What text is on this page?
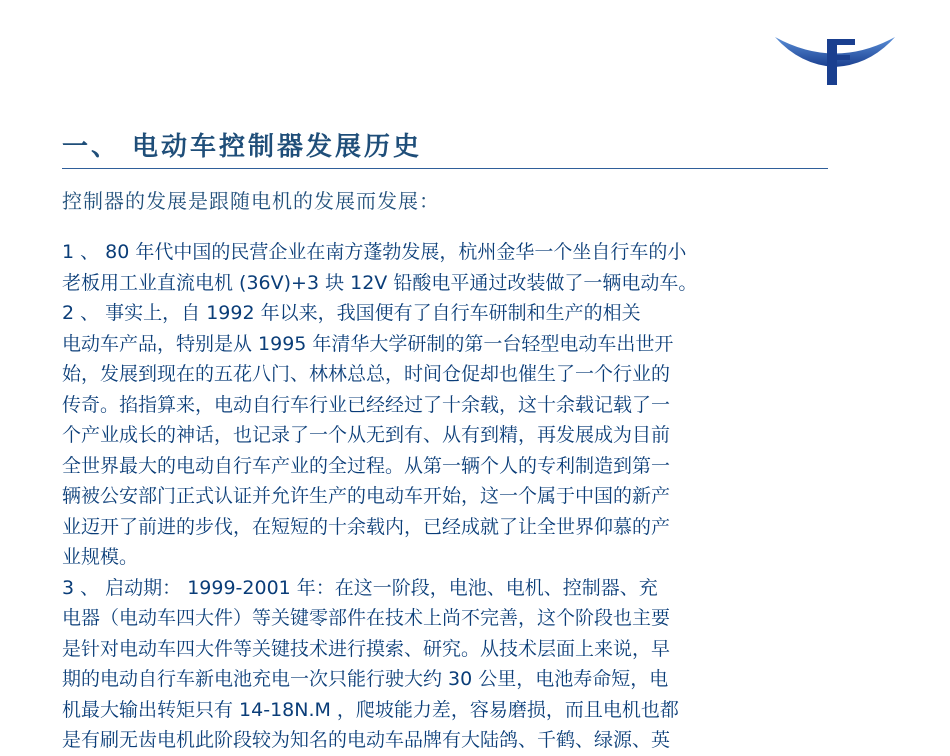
一、 电动车控制器发展历史

控制器的发展是跟随电机的发展而发展：

1 、 80 年代中国的民营企业在南方蓬勃发展，杭州金华一个坐自行车的小
老板用工业直流电机 (36V)+3 块 12V 铅酸电平通过改装做了一辆电动车。
2 、 事实上，自 1992 年以来，我国便有了自行车研制和生产的相关
电动车产品，特别是从 1995 年清华大学研制的第一台轻型电动车出世开
始，发展到现在的五花八门、林林总总，时间仓促却也催生了一个行业的
传奇。掐指算来，电动自行车行业已经经过了十余载，这十余载记载了一
个产业成长的神话，也记录了一个从无到有、从有到精，再发展成为目前
全世界最大的电动自行车产业的全过程。从第一辆个人的专利制造到第一
辆被公安部门正式认证并允许生产的电动车开始，这一个属于中国的新产
业迈开了前进的步伐，在短短的十余载内，已经成就了让全世界仰慕的产
业规模。
3 、 启动期： 1999-2001 年：在这一阶段，电池、电机、控制器、充
电器（电动车四大件）等关键零部件在技术上尚不完善，这个阶段也主要
是针对电动车四大件等关键技术进行摸索、研究。从技术层面上来说，早
期的电动自行车新电池充电一次只能行驶大约 30 公里，电池寿命短，电
机最大输出转矩只有 14-18N.M ，爬坡能力差，容易磨损，而且电机也都
是有刷无齿电机此阶段较为知名的电动车品牌有大陆鸽、千鹤、绿源、英
